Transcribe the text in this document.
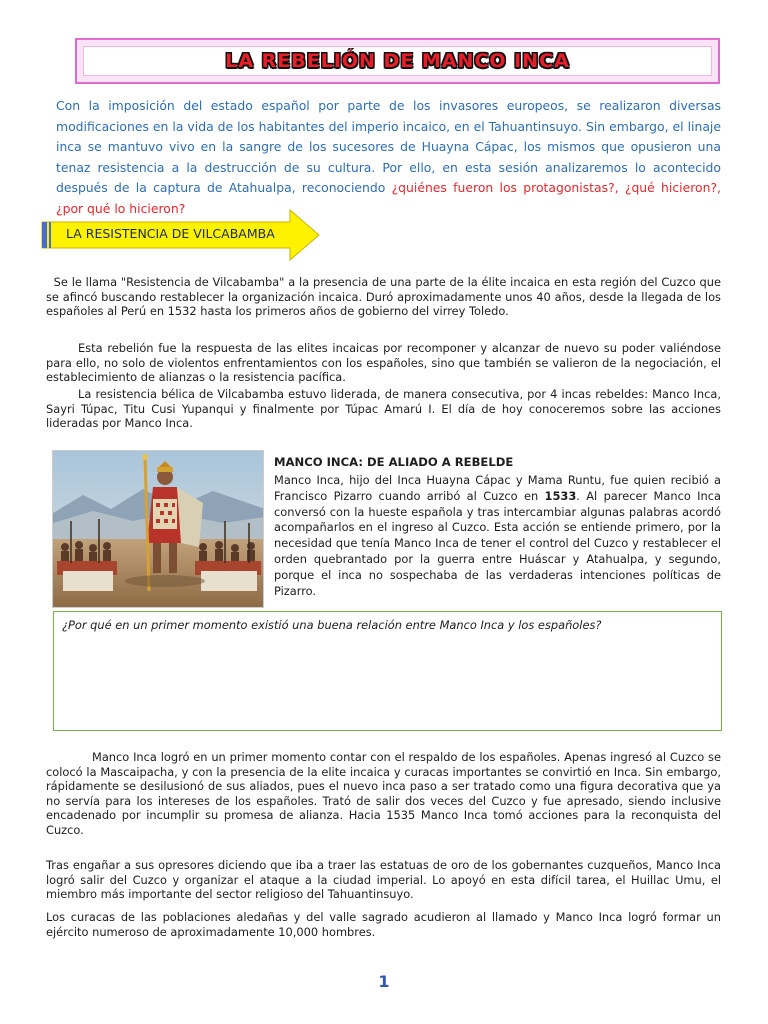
LA REBELIÓN DE MANCO INCA

Con la imposición del estado español por parte de los invasores europeos, se realizaron diversas modificaciones en la vida de los habitantes del imperio incaico, en el Tahuantinsuyo. Sin embargo, el linaje inca se mantuvo vivo en la sangre de los sucesores de Huayna Cápac, los mismos que opusieron una tenaz resistencia a la destrucción de su cultura. Por ello, en esta sesión analizaremos lo acontecido después de la captura de Atahualpa, reconociendo ¿quiénes fueron los protagonistas?, ¿qué hicieron?, ¿por qué lo hicieron?

LA RESISTENCIA DE VILCABAMBA

Se le llama "Resistencia de Vilcabamba" a la presencia de una parte de la élite incaica en esta región del Cuzco que se afincó buscando restablecer la organización incaica. Duró aproximadamente unos 40 años, desde la llegada de los españoles al Perú en 1532 hasta los primeros años de gobierno del virrey Toledo.

Esta rebelión fue la respuesta de las elites incaicas por recomponer y alcanzar de nuevo su poder valiéndose para ello, no solo de violentos enfrentamientos con los españoles, sino que también se valieron de la negociación, el establecimiento de alianzas o la resistencia pacífica.

La resistencia bélica de Vilcabamba estuvo liderada, de manera consecutiva, por 4 incas rebeldes: Manco Inca, Sayri Túpac, Titu Cusi Yupanqui y finalmente por Túpac Amarú I. El día de hoy conoceremos sobre las acciones lideradas por Manco Inca.

MANCO INCA: DE ALIADO A REBELDE

Manco Inca, hijo del Inca Huayna Cápac y Mama Runtu, fue quien recibió a Francisco Pizarro cuando arribó al Cuzco en 1533. Al parecer Manco Inca conversó con la hueste española y tras intercambiar algunas palabras acordó acompañarlos en el ingreso al Cuzco. Esta acción se entiende primero, por la necesidad que tenía Manco Inca de tener el control del Cuzco y restablecer el orden quebrantado por la guerra entre Huáscar y Atahualpa, y segundo, porque el inca no sospechaba de las verdaderas intenciones políticas de Pizarro.

¿Por qué en un primer momento existió una buena relación entre Manco Inca y los españoles?

Manco Inca logró en un primer momento contar con el respaldo de los españoles. Apenas ingresó al Cuzco se colocó la Mascaipacha, y con la presencia de la elite incaica y curacas importantes se convirtió en Inca. Sin embargo, rápidamente se desilusionó de sus aliados, pues el nuevo inca paso a ser tratado como una figura decorativa que ya no servía para los intereses de los españoles. Trató de salir dos veces del Cuzco y fue apresado, siendo inclusive encadenado por incumplir su promesa de alianza. Hacia 1535 Manco Inca tomó acciones para la reconquista del Cuzco.

Tras engañar a sus opresores diciendo que iba a traer las estatuas de oro de los gobernantes cuzqueños, Manco Inca logró salir del Cuzco y organizar el ataque a la ciudad imperial. Lo apoyó en esta difícil tarea, el Huillac Umu, el miembro más importante del sector religioso del Tahuantinsuyo.

Los curacas de las poblaciones aledañas y del valle sagrado acudieron al llamado y Manco Inca logró formar un ejército numeroso de aproximadamente 10,000 hombres.

1
